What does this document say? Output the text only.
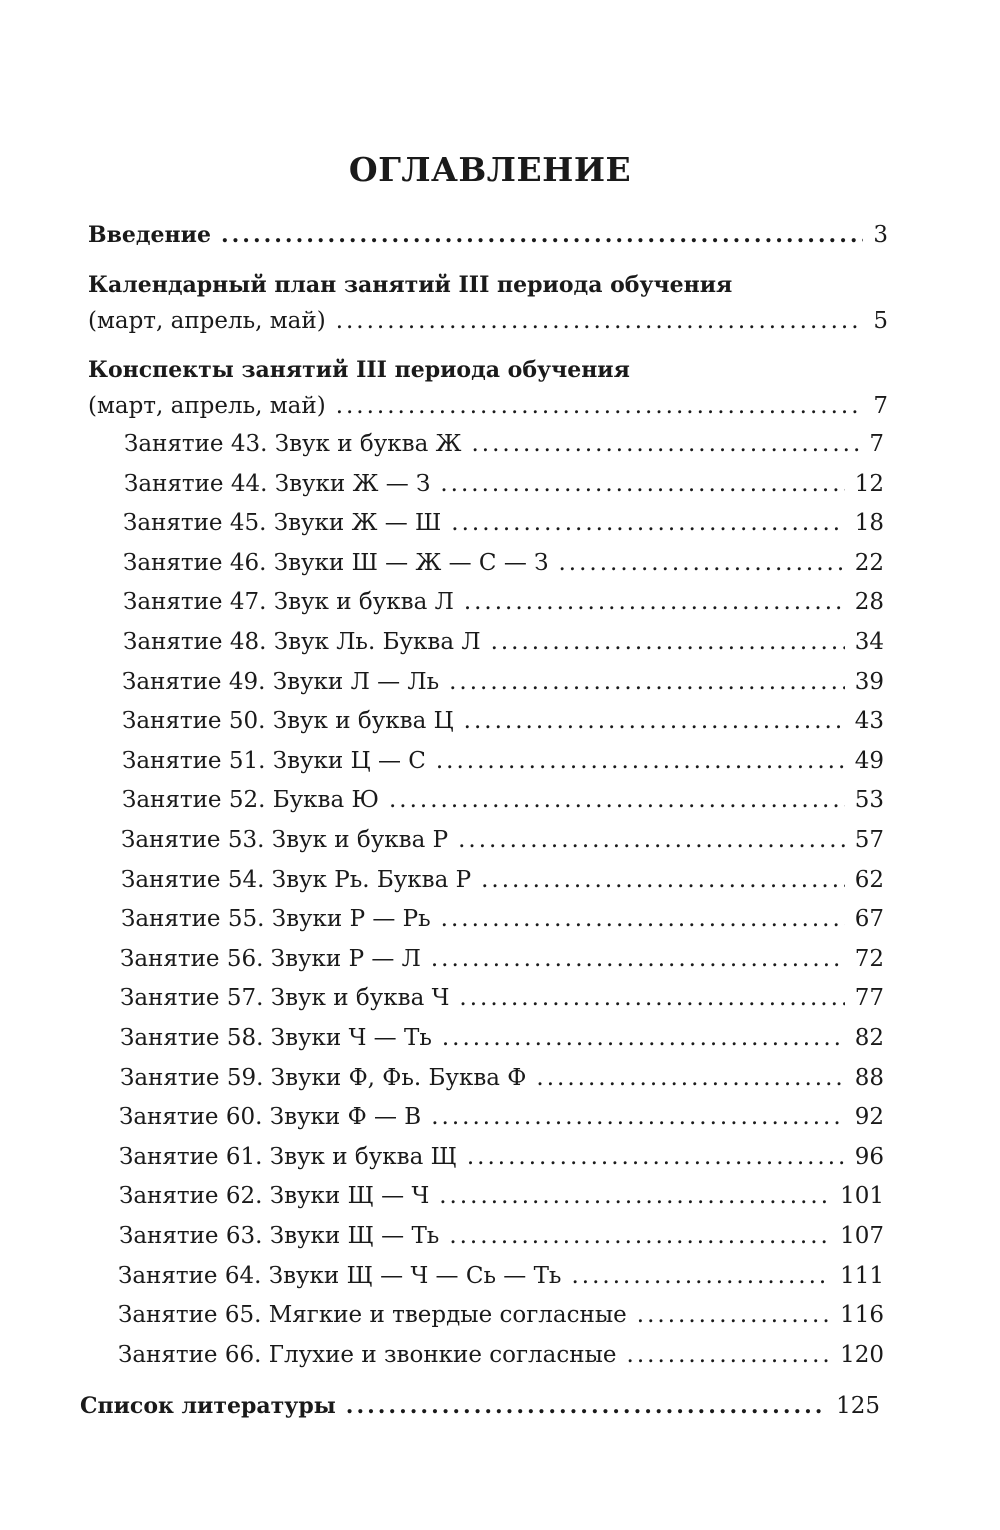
ОГЛАВЛЕНИЕ
Введение .....	3
Календарный план занятий III периода обучения
(март, апрель, май) .....	5
Конспекты занятий III периода обучения
(март, апрель, май) .....	7
Занятие 43. Звук и буква Ж .....	7
Занятие 44. Звуки Ж — З .....	12
Занятие 45. Звуки Ж — Ш .....	18
Занятие 46. Звуки Ш — Ж — С — З .....	22
Занятие 47. Звук и буква Л .....	28
Занятие 48. Звук Ль. Буква Л .....	34
Занятие 49. Звуки Л — Ль .....	39
Занятие 50. Звук и буква Ц .....	43
Занятие 51. Звуки Ц — С .....	49
Занятие 52. Буква Ю .....	53
Занятие 53. Звук и буква Р .....	57
Занятие 54. Звук Рь. Буква Р .....	62
Занятие 55. Звуки Р — Рь .....	67
Занятие 56. Звуки Р — Л .....	72
Занятие 57. Звук и буква Ч .....	77
Занятие 58. Звуки Ч — Ть .....	82
Занятие 59. Звуки Ф, Фь. Буква Ф .....	88
Занятие 60. Звуки Ф — В .....	92
Занятие 61. Звук и буква Щ .....	96
Занятие 62. Звуки Щ — Ч .....	101
Занятие 63. Звуки Щ — Ть .....	107
Занятие 64. Звуки Щ — Ч — Сь — Ть .....	111
Занятие 65. Мягкие и твердые согласные .....	116
Занятие 66. Глухие и звонкие согласные .....	120
Список литературы .....	125
